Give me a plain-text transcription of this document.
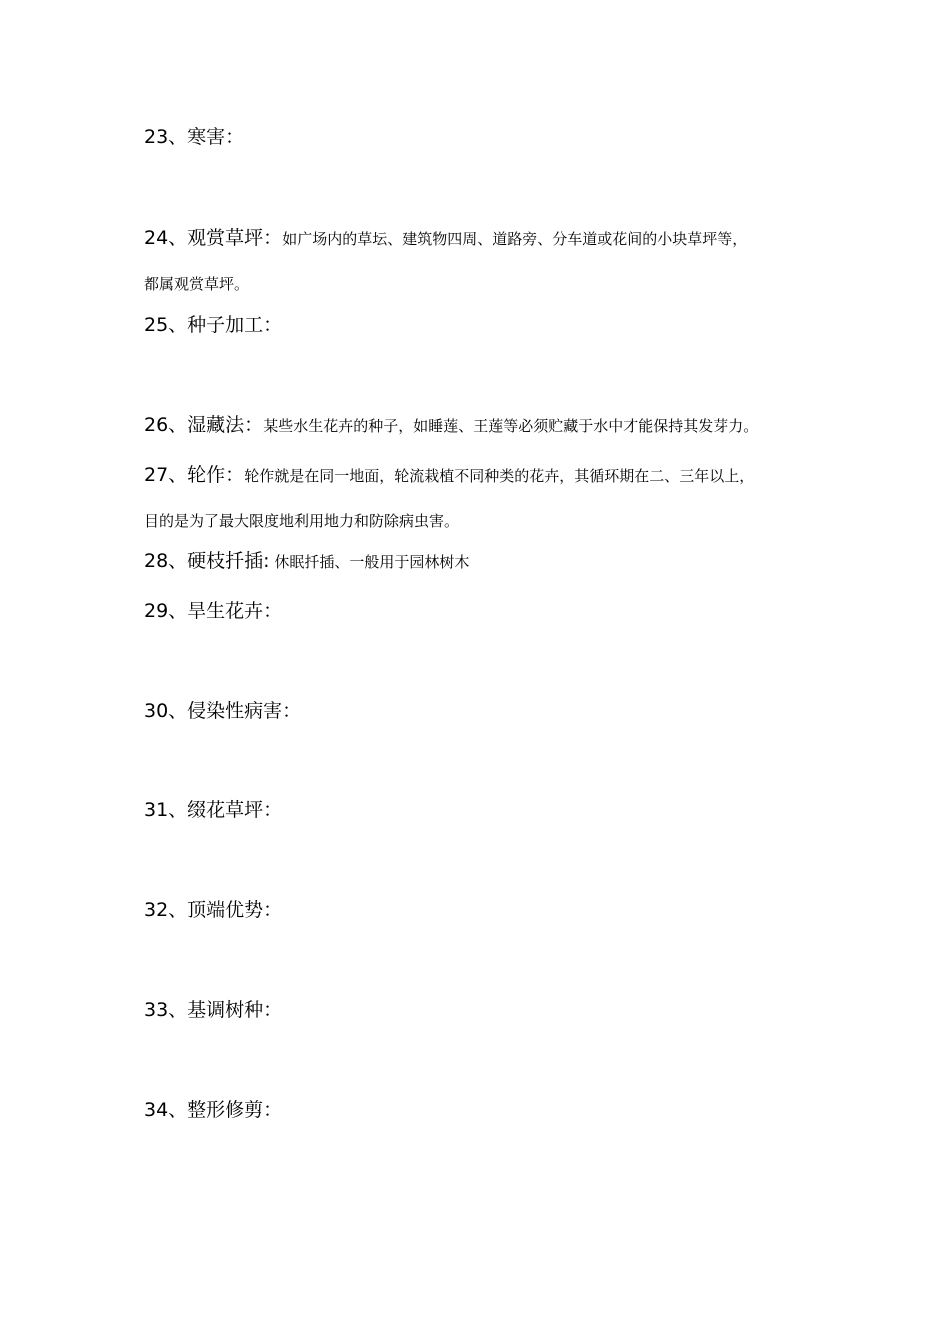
23、寒害：

24、观赏草坪：如广场内的草坛、建筑物四周、道路旁、分车道或花间的小块草坪等，

都属观赏草坪。

25、种子加工：

26、湿藏法：某些水生花卉的种子，如睡莲、王莲等必须贮藏于水中才能保持其发芽力。

27、轮作：轮作就是在同一地面，轮流栽植不同种类的花卉，其循环期在二、三年以上，

目的是为了最大限度地利用地力和防除病虫害。

28、硬枝扦插: 休眠扦插、一般用于园林树木

29、旱生花卉：

30、侵染性病害：

31、缀花草坪：

32、顶端优势：

33、基调树种：

34、整形修剪：
